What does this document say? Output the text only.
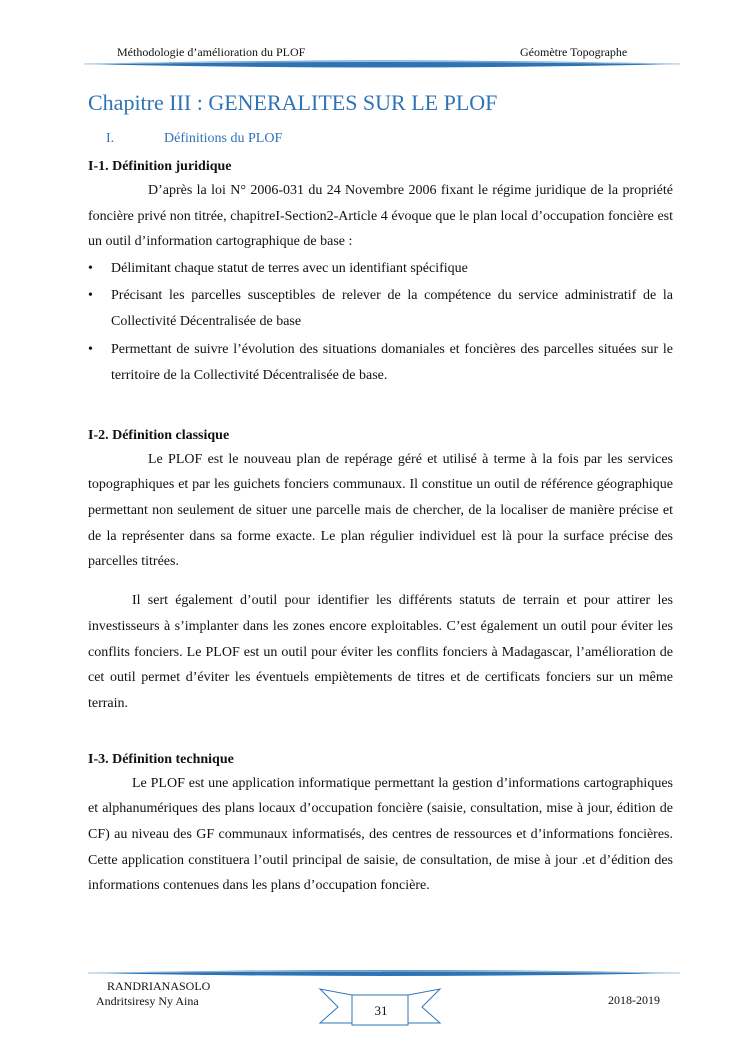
Méthodologie d’amélioration du PLOF	Géomètre Topographe
Chapitre III : GENERALITES SUR LE PLOF
I.	Définitions du PLOF
I-1. Définition juridique

D’après la loi N° 2006-031 du 24 Novembre 2006 fixant le régime juridique de la propriété foncière privé non titrée, chapitreI-Section2-Article 4 évoque que le plan local d’occupation foncière est un outil d’information cartographique de base :

• Délimitant chaque statut de terres avec un identifiant spécifique
• Précisant les parcelles susceptibles de relever de la compétence du service administratif de la Collectivité Décentralisée de base
• Permettant de suivre l’évolution des situations domaniales et foncières des parcelles situées sur le territoire de la Collectivité Décentralisée de base.
I-2. Définition classique

Le PLOF est le nouveau plan de repérage géré et utilisé à terme à la fois par les services topographiques et par les guichets fonciers communaux. Il constitue un outil de référence géographique permettant non seulement de situer une parcelle mais de chercher, de la localiser de manière précise et de la représenter dans sa forme exacte. Le plan régulier individuel est là pour la surface précise des parcelles titrées.

Il sert également d’outil pour identifier les différents statuts de terrain et pour attirer les investisseurs à s’implanter dans les zones encore exploitables. C’est également un outil pour éviter les conflits fonciers. Le PLOF est un outil pour éviter les conflits fonciers à Madagascar, l’amélioration de cet outil permet d’éviter les éventuels empiètements de titres et de certificats fonciers sur un même terrain.

I-3. Définition technique

Le PLOF est une application informatique permettant la gestion d’informations cartographiques et alphanumériques des plans locaux d’occupation foncière (saisie, consultation, mise à jour, édition de CF) au niveau des GF communaux informatisés, des centres de ressources et d’informations foncières. Cette application constituera l’outil principal de saisie, de consultation, de mise à jour .et d’édition des informations contenues dans les plans d’occupation foncière.

RANDRIANASOLO
Andritsiresy Ny Aina
31
2018-2019
